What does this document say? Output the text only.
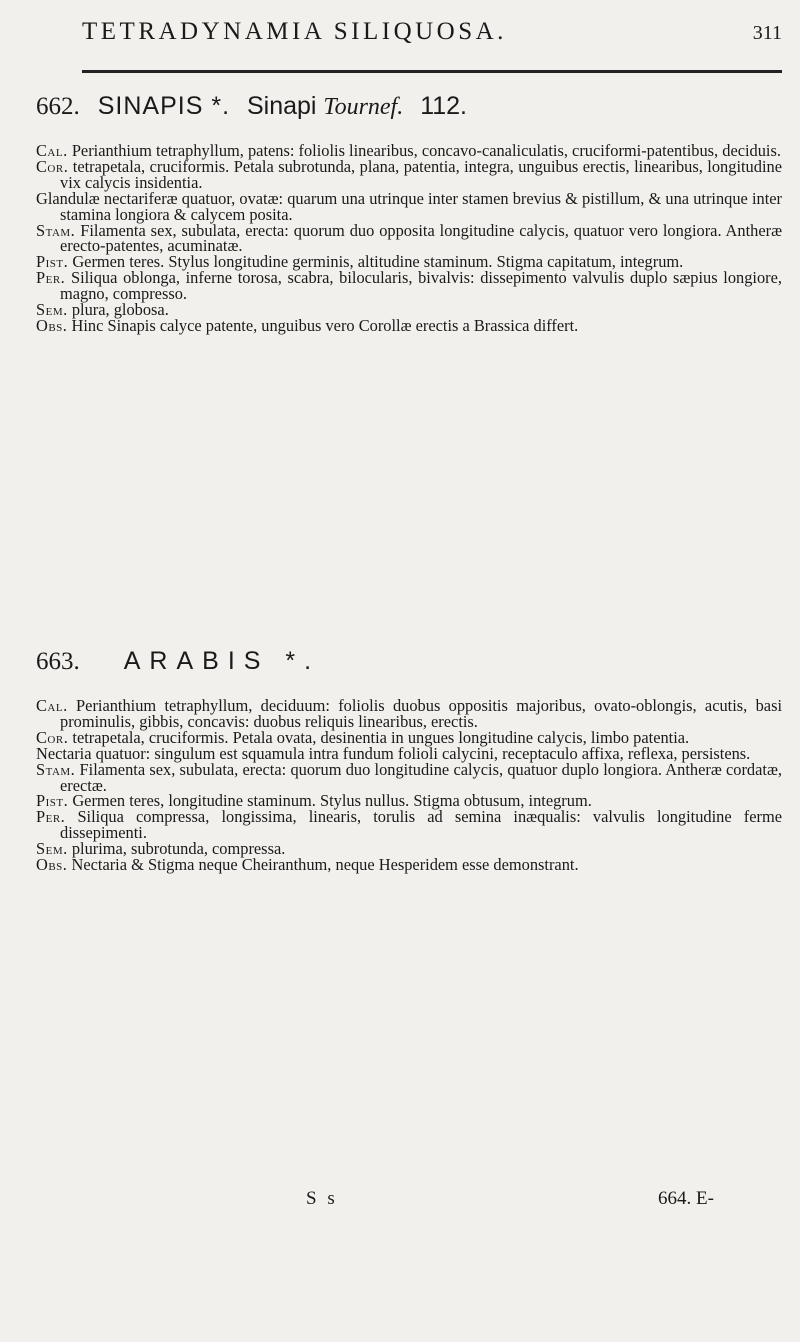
TETRADYNAMIA SILIQUOSA.	311
662. SINAPIS *. Sinapi Tournef. 112.

Cal. Perianthium tetraphyllum, patens: foliolis linearibus, concavo-canaliculatis, cruciformi-patentibus, deciduis.

Cor. tetrapetala, cruciformis. Petala subrotunda, plana, patentia, integra, unguibus erectis, linearibus, longitudine vix calycis insidentia.

Glandulæ nectariferæ quatuor, ovatæ: quarum una utrinque inter stamen brevius & pistillum, & una utrinque inter stamina longiora & calycem posita.

Stam. Filamenta sex, subulata, erecta: quorum duo opposita longitudine calycis, quatuor vero longiora. Antheræ erecto-patentes, acuminatæ.

Pist. Germen teres. Stylus longitudine germinis, altitudine staminum. Stigma capitatum, integrum.

Per. Siliqua oblonga, inferne torosa, scabra, bilocularis, bivalvis: dissepimento valvulis duplo sæpius longiore, magno, compresso.

Sem. plura, globosa.

Obs. Hinc Sinapis calyce patente, unguibus vero Corollæ erectis a Brassica differt.

663. ARABIS *.

Cal. Perianthium tetraphyllum, deciduum: foliolis duobus oppositis majoribus, ovato-oblongis, acutis, basi prominulis, gibbis, concavis: duobus reliquis linearibus, erectis.

Cor. tetrapetala, cruciformis. Petala ovata, desinentia in ungues longitudine calycis, limbo patentia.

Nectaria quatuor: singulum est squamula intra fundum folioli calycini, receptaculo affixa, reflexa, persistens.

Stam. Filamenta sex, subulata, erecta: quorum duo longitudine calycis, quatuor duplo longiora. Antheræ cordatæ, erectæ.

Pist. Germen teres, longitudine staminum. Stylus nullus. Stigma obtusum, integrum.

Per. Siliqua compressa, longissima, linearis, torulis ad semina inæqualis: valvulis longitudine ferme dissepimenti.

Sem. plurima, subrotunda, compressa.

Obs. Nectaria & Stigma neque Cheiranthum, neque Hesperidem esse demonstrant.

S s	664. E-
